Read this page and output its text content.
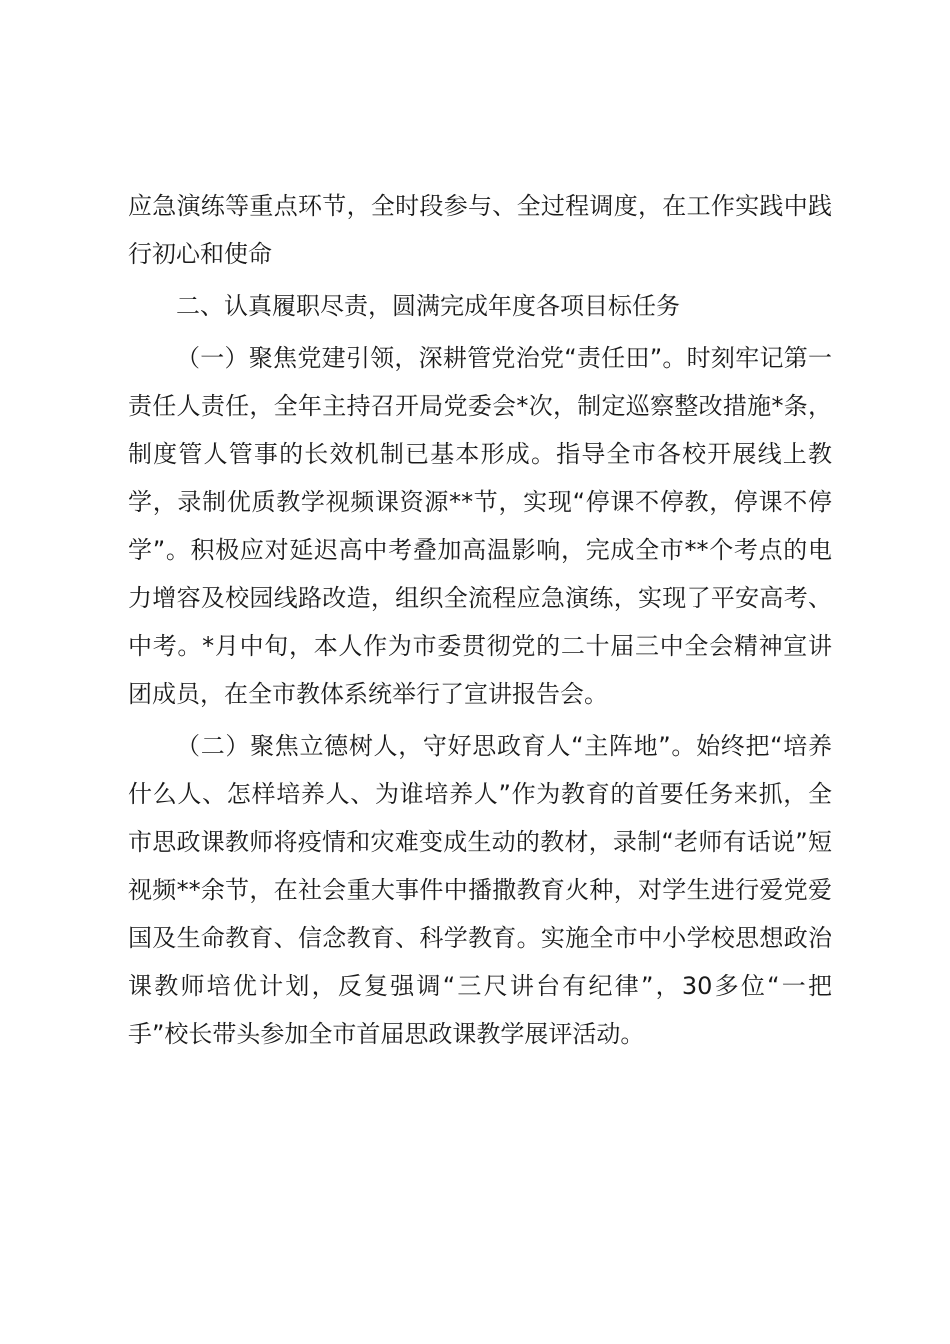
应急演练等重点环节，全时段参与、全过程调度，在工作实践中践行初心和使命

二、认真履职尽责，圆满完成年度各项目标任务

（一）聚焦党建引领，深耕管党治党“责任田”。时刻牢记第一责任人责任，全年主持召开局党委会*次，制定巡察整改措施*条，制度管人管事的长效机制已基本形成。指导全市各校开展线上教学，录制优质教学视频课资源**节，实现“停课不停教，停课不停学”。积极应对延迟高中考叠加高温影响，完成全市**个考点的电力增容及校园线路改造，组织全流程应急演练，实现了平安高考、中考。*月中旬，本人作为市委贯彻党的二十届三中全会精神宣讲团成员，在全市教体系统举行了宣讲报告会。

（二）聚焦立德树人，守好思政育人“主阵地”。始终把“培养什么人、怎样培养人、为谁培养人”作为教育的首要任务来抓，全市思政课教师将疫情和灾难变成生动的教材，录制“老师有话说”短视频**余节，在社会重大事件中播撒教育火种，对学生进行爱党爱国及生命教育、信念教育、科学教育。实施全市中小学校思想政治课教师培优计划，反复强调“三尺讲台有纪律”，30多位“一把手”校长带头参加全市首届思政课教学展评活动。
